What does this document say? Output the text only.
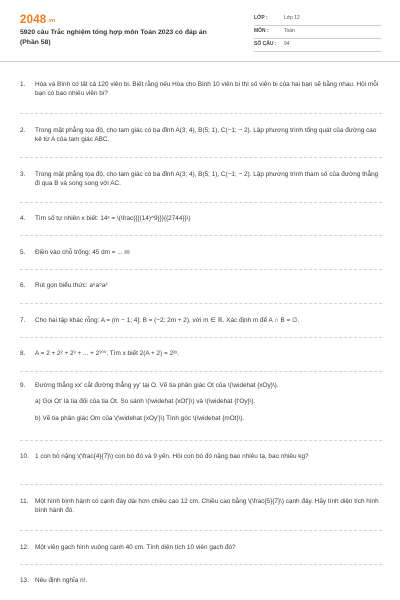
2048.vn
5920 câu Trắc nghiệm tổng hợp môn Toán 2023 có đáp án
(Phần 58)
LỚP :	Lớp 12
MÔN :	Toán
SỐ CÂU :	94
1.	Hòa và Bình có tất cả 120 viên bi. Biết rằng nếu Hòa cho Bình 10 viên bi thì số viên bi của hai bạn sẽ bằng nhau. Hỏi mỗi bạn có bao nhiêu viên bi?
2.	Trong mặt phẳng tọa độ, cho tam giác có ba đỉnh A(3; 4), B(5; 1), C(−1; − 2). Lập phương trình tổng quát của đường cao kẻ từ A của tam giác ABC.
3.	Trong mặt phẳng tọa độ, cho tam giác có ba đỉnh A(3; 4), B(5; 1), C(−1; − 2). Lập phương trình tham số của đường thẳng đi qua B và song song với AC.
4.	Tìm số tự nhiên x biết: 14ˣ = \(\frac{{{(14)^9}}}{{2744}}\)
5.	Điền vào chỗ trống: 45 dm = ... m
6.	Rút gọn biểu thức: a⁶a⁵a²
7.	Cho hai tập khác rỗng: A = (m − 1; 4]; B = (−2; 2m + 2), với m ∈ ℝ. Xác định m để A ∩ B = ∅.
8.	A = 2 + 2² + 2³ + ... + 2¹⁰⁰. Tìm x biết 2(A + 2) = 2²ˣ.
9.	Đường thẳng xx' cắt đường thẳng yy' tại O. Vẽ tia phân giác Ot của \(\widehat {xOy}\).
a) Gọi Ot' là tia đối của tia Ot. So sánh \(\widehat {xOt'}\) và \(\widehat {t'Oy}\).
b) Vẽ tia phân giác Om của \(\widehat {xOy'}\) Tính góc \(\widehat {mOt}\).
10. 1 con bò nặng \(\frac{4}{7}\) con bò đó và 9 yến. Hỏi con bò đó nặng bao nhiêu tạ, bao nhiêu kg?
11.	Một hình bình hành có cạnh đáy dài hơn chiều cao 12 cm. Chiều cao bằng \(\frac{5}{7}\) cạnh đáy. Hãy tính diện tích hình bình hành đó.
12. Một viên gạch hình vuông cạnh 40 cm. Tính diện tích 10 viên gạch đó?
13. Nêu định nghĩa n!.
